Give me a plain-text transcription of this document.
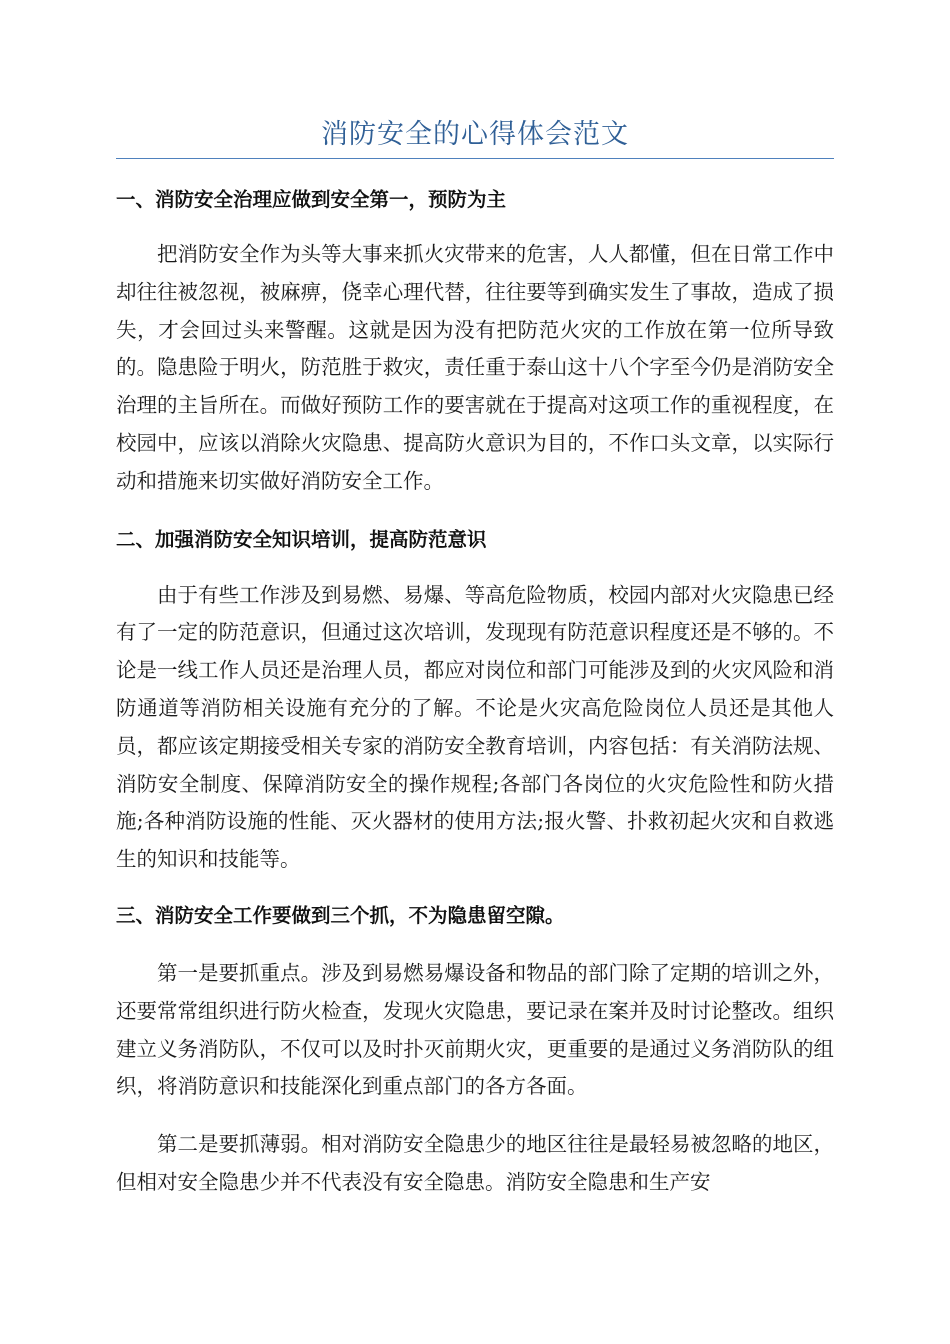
消防安全的心得体会范文
一、消防安全治理应做到安全第一，预防为主

把消防安全作为头等大事来抓火灾带来的危害，人人都懂，但在日常工作中却往往被忽视，被麻痹，侥幸心理代替，往往要等到确实发生了事故，造成了损失，才会回过头来警醒。这就是因为没有把防范火灾的工作放在第一位所导致的。隐患险于明火，防范胜于救灾，责任重于泰山这十八个字至今仍是消防安全治理的主旨所在。而做好预防工作的要害就在于提高对这项工作的重视程度，在校园中，应该以消除火灾隐患、提高防火意识为目的，不作口头文章，以实际行动和措施来切实做好消防安全工作。

二、加强消防安全知识培训，提高防范意识

由于有些工作涉及到易燃、易爆、等高危险物质，校园内部对火灾隐患已经有了一定的防范意识，但通过这次培训，发现现有防范意识程度还是不够的。不论是一线工作人员还是治理人员，都应对岗位和部门可能涉及到的火灾风险和消防通道等消防相关设施有充分的了解。不论是火灾高危险岗位人员还是其他人员，都应该定期接受相关专家的消防安全教育培训，内容包括：有关消防法规、消防安全制度、保障消防安全的操作规程;各部门各岗位的火灾危险性和防火措施;各种消防设施的性能、灭火器材的使用方法;报火警、扑救初起火灾和自救逃生的知识和技能等。

三、消防安全工作要做到三个抓，不为隐患留空隙。

第一是要抓重点。涉及到易燃易爆设备和物品的部门除了定期的培训之外，还要常常组织进行防火检查，发现火灾隐患，要记录在案并及时讨论整改。组织建立义务消防队，不仅可以及时扑灭前期火灾，更重要的是通过义务消防队的组织，将消防意识和技能深化到重点部门的各方各面。

第二是要抓薄弱。相对消防安全隐患少的地区往往是最轻易被忽略的地区，但相对安全隐患少并不代表没有安全隐患。消防安全隐患和生产安
